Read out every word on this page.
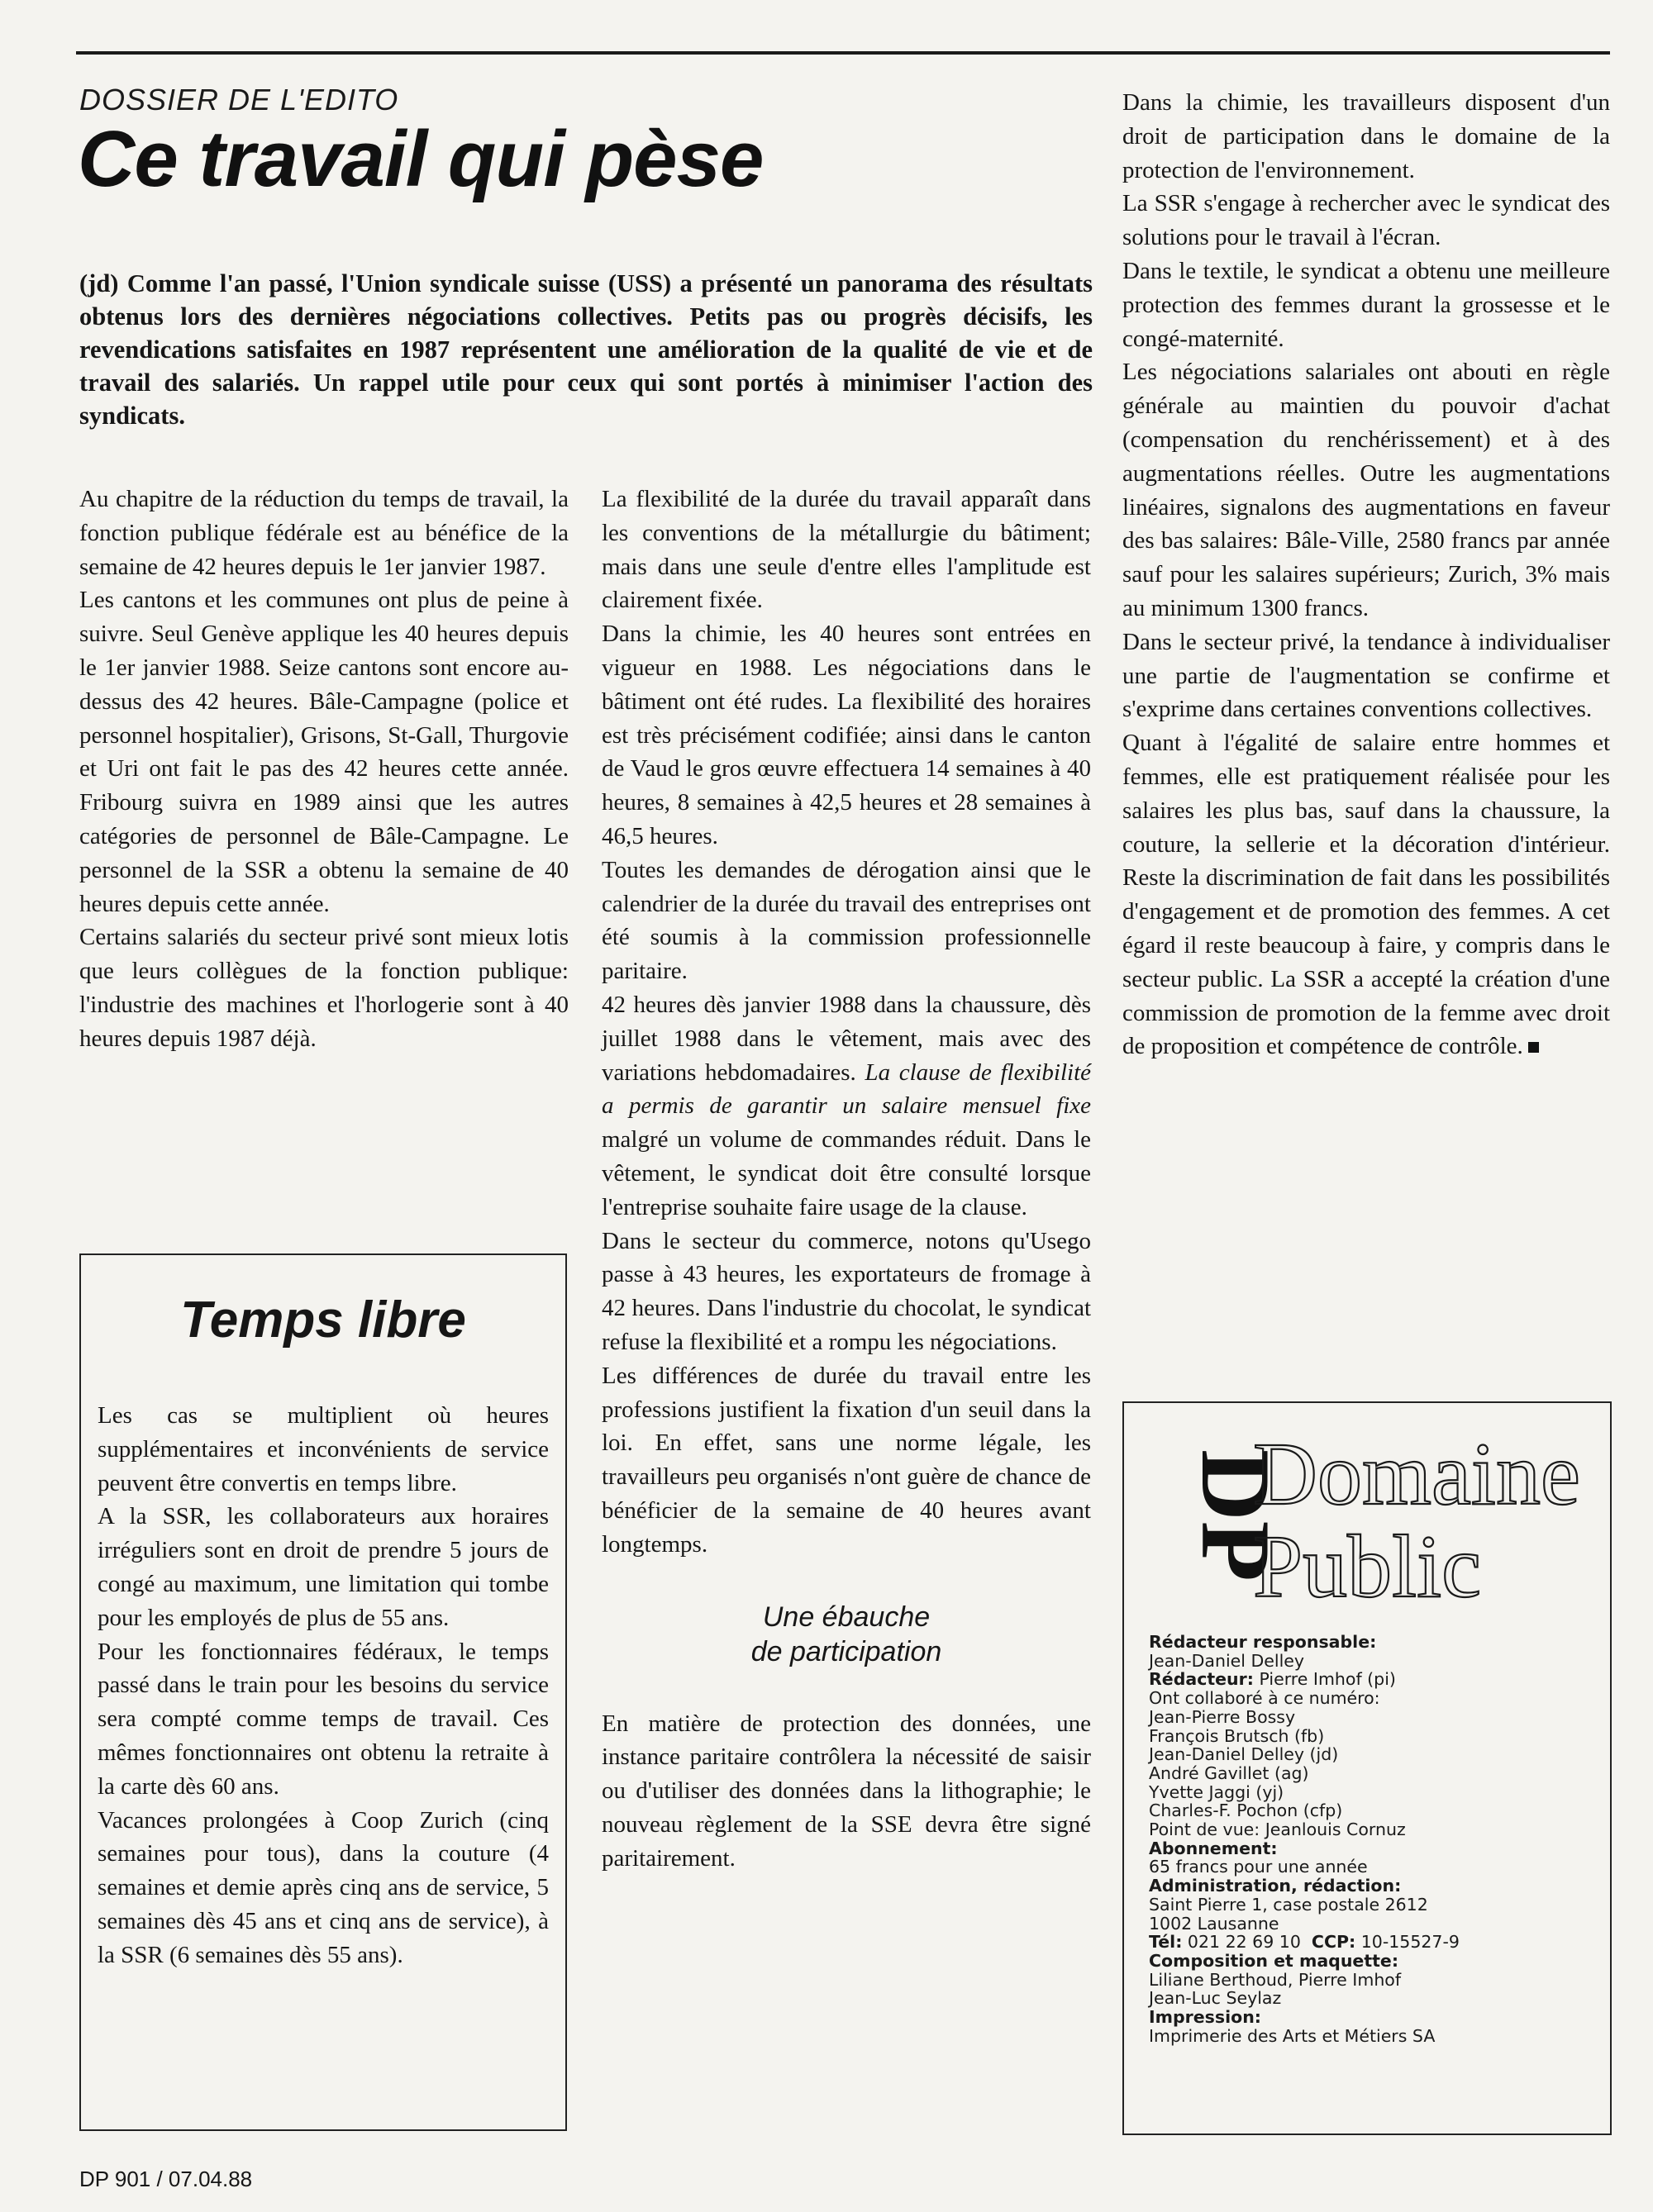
DOSSIER DE L'EDITO

Ce travail qui pèse

(jd) Comme l'an passé, l'Union syndicale suisse (USS) a présenté un panorama des résultats obtenus lors des dernières négociations collectives. Petits pas ou progrès décisifs, les revendications satisfaites en 1987 représentent une amélioration de la qualité de vie et de travail des salariés. Un rappel utile pour ceux qui sont portés à minimiser l'action des syndicats.

Au chapitre de la réduction du temps de travail, la fonction publique fédérale est au bénéfice de la semaine de 42 heures depuis le 1er janvier 1987.

Les cantons et les communes ont plus de peine à suivre. Seul Genève applique les 40 heures depuis le 1er janvier 1988. Seize cantons sont encore au-dessus des 42 heures. Bâle-Campagne (police et personnel hospitalier), Grisons, St-Gall, Thurgovie et Uri ont fait le pas des 42 heures cette année. Fribourg suivra en 1989 ainsi que les autres catégories de personnel de Bâle-Campagne. Le personnel de la SSR a obtenu la semaine de 40 heures depuis cette année.

Certains salariés du secteur privé sont mieux lotis que leurs collègues de la fonction publique: l'industrie des machines et l'horlogerie sont à 40 heures depuis 1987 déjà.

Temps libre

Les cas se multiplient où heures supplémentaires et inconvénients de service peuvent être convertis en temps libre.

A la SSR, les collaborateurs aux horaires irréguliers sont en droit de prendre 5 jours de congé au maximum, une limitation qui tombe pour les employés de plus de 55 ans.

Pour les fonctionnaires fédéraux, le temps passé dans le train pour les besoins du service sera compté comme temps de travail. Ces mêmes fonctionnaires ont obtenu la retraite à la carte dès 60 ans.

Vacances prolongées à Coop Zurich (cinq semaines pour tous), dans la couture (4 semaines et demie après cinq ans de service, 5 semaines dès 45 ans et cinq ans de service), à la SSR (6 semaines dès 55 ans).

La flexibilité de la durée du travail apparaît dans les conventions de la métallurgie du bâtiment; mais dans une seule d'entre elles l'amplitude est clairement fixée.

Dans la chimie, les 40 heures sont entrées en vigueur en 1988. Les négociations dans le bâtiment ont été rudes. La flexibilité des horaires est très précisément codifiée; ainsi dans le canton de Vaud le gros œuvre effectuera 14 semaines à 40 heures, 8 semaines à 42,5 heures et 28 semaines à 46,5 heures.

Toutes les demandes de dérogation ainsi que le calendrier de la durée du travail des entreprises ont été soumis à la commission professionnelle paritaire.

42 heures dès janvier 1988 dans la chaussure, dès juillet 1988 dans le vêtement, mais avec des variations hebdomadaires. La clause de flexibilité a permis de garantir un salaire mensuel fixe malgré un volume de commandes réduit. Dans le vêtement, le syndicat doit être consulté lorsque l'entreprise souhaite faire usage de la clause.

Dans le secteur du commerce, notons qu'Usego passe à 43 heures, les exportateurs de fromage à 42 heures. Dans l'industrie du chocolat, le syndicat refuse la flexibilité et a rompu les négociations.

Les différences de durée du travail entre les professions justifient la fixation d'un seuil dans la loi. En effet, sans une norme légale, les travailleurs peu organisés n'ont guère de chance de bénéficier de la semaine de 40 heures avant longtemps.

Une ébauche
de participation

En matière de protection des données, une instance paritaire contrôlera la nécessité de saisir ou d'utiliser des données dans la lithographie; le nouveau règlement de la SSE devra être signé paritairement.

Dans la chimie, les travailleurs disposent d'un droit de participation dans le domaine de la protection de l'environnement.

La SSR s'engage à rechercher avec le syndicat des solutions pour le travail à l'écran.

Dans le textile, le syndicat a obtenu une meilleure protection des femmes durant la grossesse et le congé-maternité.

Les négociations salariales ont abouti en règle générale au maintien du pouvoir d'achat (compensation du renchérissement) et à des augmentations réelles. Outre les augmentations linéaires, signalons des augmentations en faveur des bas salaires: Bâle-Ville, 2580 francs par année sauf pour les salaires supérieurs; Zurich, 3% mais au minimum 1300 francs.

Dans le secteur privé, la tendance à individualiser une partie de l'augmentation se confirme et s'exprime dans certaines conventions collectives.

Quant à l'égalité de salaire entre hommes et femmes, elle est pratiquement réalisée pour les salaires les plus bas, sauf dans la chaussure, la couture, la sellerie et la décoration d'intérieur. Reste la discrimination de fait dans les possibilités d'engagement et de promotion des femmes. A cet égard il reste beaucoup à faire, y compris dans le secteur public. La SSR a accepté la création d'une commission de promotion de la femme avec droit de proposition et compétence de contrôle.

DP
Domaine
Public
Rédacteur responsable:
Jean-Daniel Delley
Rédacteur: Pierre Imhof (pi)
Ont collaboré à ce numéro:
Jean-Pierre Bossy
François Brutsch (fb)
Jean-Daniel Delley (jd)
André Gavillet (ag)
Yvette Jaggi (yj)
Charles-F. Pochon (cfp)
Point de vue: Jeanlouis Cornuz
Abonnement:
65 francs pour une année
Administration, rédaction:
Saint Pierre 1, case postale 2612
1002 Lausanne
Tél: 021 22 69 10 CCP: 10-15527-9
Composition et maquette:
Liliane Berthoud, Pierre Imhof
Jean-Luc Seylaz
Impression:
Imprimerie des Arts et Métiers SA
DP 901 / 07.04.88
